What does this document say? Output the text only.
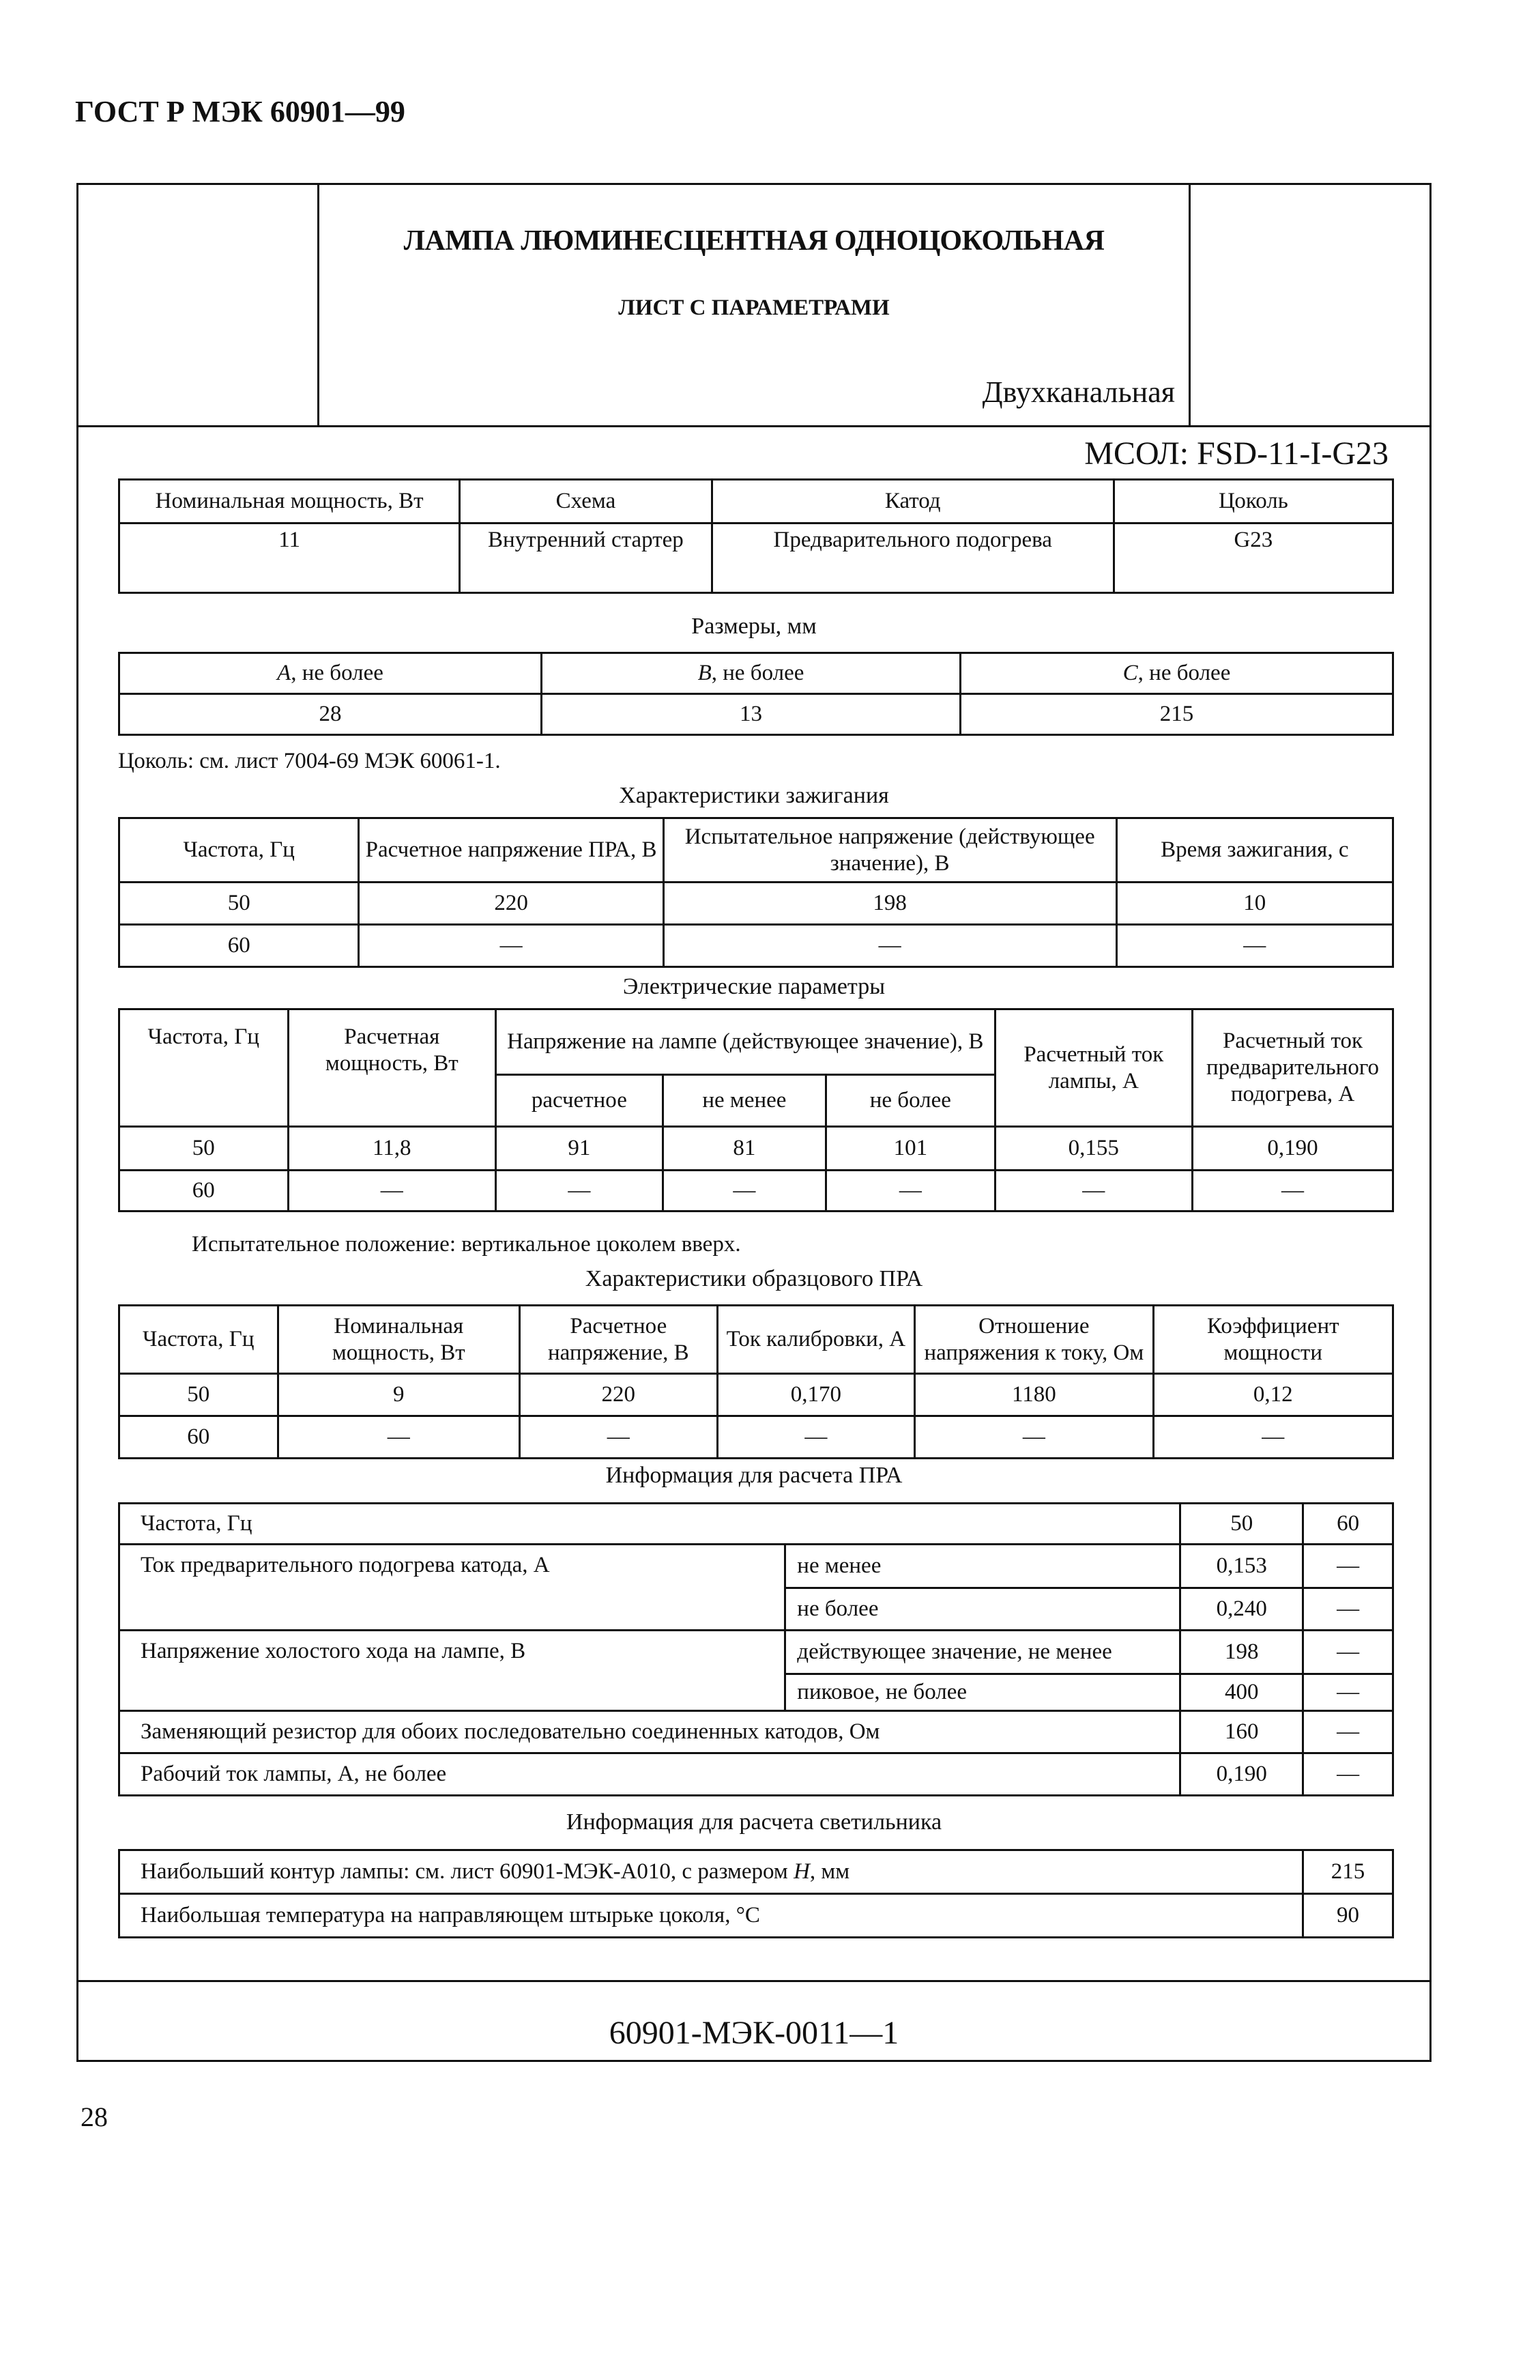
ГОСТ Р МЭК 60901—99
ЛАМПА ЛЮМИНЕСЦЕНТНАЯ ОДНОЦОКОЛЬНАЯ
ЛИСТ С ПАРАМЕТРАМИ
Двухканальная
МСОЛ: FSD-11-I-G23
Номинальная мощность, Вт	Схема	Катод	Цоколь
11	Внутренний стартер	Предварительного подогрева	G23
Размеры, мм
A, не более	B, не более	C, не более
28	13	215
Цоколь: см. лист 7004-69 МЭК 60061-1.
Характеристики зажигания
Частота, Гц	Расчетное напряжение ПРА, В	Испытательное напряжение (действующее значение), В	Время зажигания, с
50	220	198	10
60	—	—	—
Электрические параметры
Частота, Гц	Расчетная мощность, Вт	Напряжение на лампе (действующее значение), В			Расчетный ток лампы, А	Расчетный ток предварительного подогрева, А
		расчетное	не менее	не более		
50	11,8	91	81	101	0,155	0,190
60	—	—	—	—	—	—
Испытательное положение: вертикальное цоколем вверх.
Характеристики образцового ПРА
Частота, Гц	Номинальная мощность, Вт	Расчетное напряжение, В	Ток калибровки, А	Отношение напряжения к току, Ом	Коэффициент мощности
50	9	220	0,170	1180	0,12
60	—	—	—	—	—
Информация для расчета ПРА
Частота, Гц		50	60
Ток предварительного подогрева катода, А	не менее	0,153	—
	не более	0,240	—
Напряжение холостого хода на лампе, В	действующее значение, не менее	198	—
	пиковое, не более	400	—
Заменяющий резистор для обоих последовательно соединенных катодов, Ом		160	—
Рабочий ток лампы, А, не более		0,190	—
Информация для расчета светильника
Наибольший контур лампы: см. лист 60901-МЭК-А010, с размером H, мм	215
Наибольшая температура на направляющем штырьке цоколя, °С	90
60901-МЭК-0011—1
28
